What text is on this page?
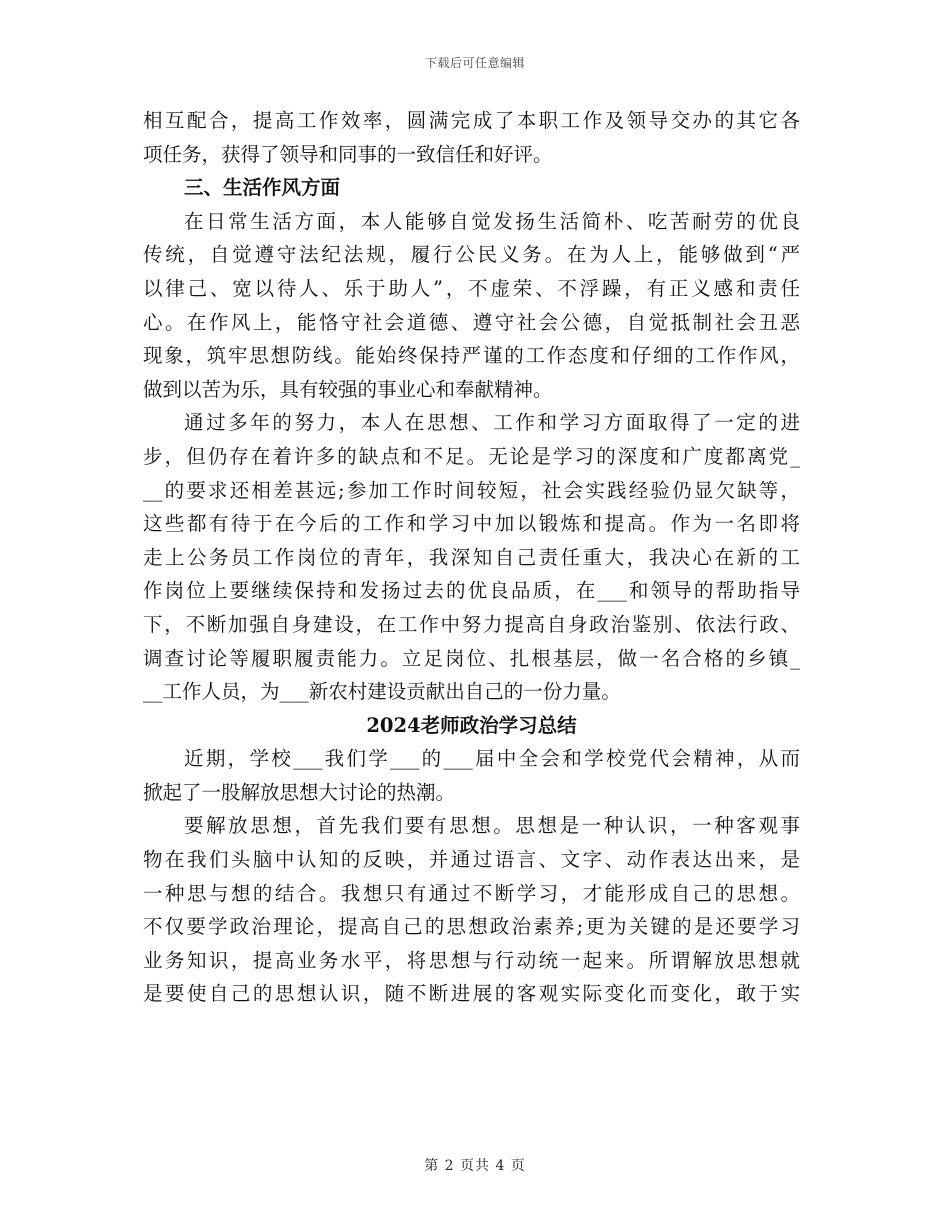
下载后可任意编辑
相互配合，提高工作效率，圆满完成了本职工作及领导交办的其它各
项任务，获得了领导和同事的一致信任和好评。
三、生活作风方面
在日常生活方面，本人能够自觉发扬生活简朴、吃苦耐劳的优良
传统，自觉遵守法纪法规，履行公民义务。在为人上，能够做到“严
以律己、宽以待人、乐于助人”，不虚荣、不浮躁，有正义感和责任
心。在作风上，能恪守社会道德、遵守社会公德，自觉抵制社会丑恶
现象，筑牢思想防线。能始终保持严谨的工作态度和仔细的工作作风，
做到以苦为乐，具有较强的事业心和奉献精神。
通过多年的努力，本人在思想、工作和学习方面取得了一定的进
步，但仍存在着许多的缺点和不足。无论是学习的深度和广度都离党_
__的要求还相差甚远;参加工作时间较短，社会实践经验仍显欠缺等，
这些都有待于在今后的工作和学习中加以锻炼和提高。作为一名即将
走上公务员工作岗位的青年，我深知自己责任重大，我决心在新的工
作岗位上要继续保持和发扬过去的优良品质，在___和领导的帮助指导
下，不断加强自身建设，在工作中努力提高自身政治鉴别、依法行政、
调查讨论等履职履责能力。立足岗位、扎根基层，做一名合格的乡镇_
__工作人员，为___新农村建设贡献出自己的一份力量。
2024老师政治学习总结
近期，学校___我们学___的___届中全会和学校党代会精神，从而
掀起了一股解放思想大讨论的热潮。
要解放思想，首先我们要有思想。思想是一种认识，一种客观事
物在我们头脑中认知的反映，并通过语言、文字、动作表达出来，是
一种思与想的结合。我想只有通过不断学习，才能形成自己的思想。
不仅要学政治理论，提高自己的思想政治素养;更为关键的是还要学习
业务知识，提高业务水平，将思想与行动统一起来。所谓解放思想就
是要使自己的思想认识，随不断进展的客观实际变化而变化，敢于实
第 2 页共 4 页
